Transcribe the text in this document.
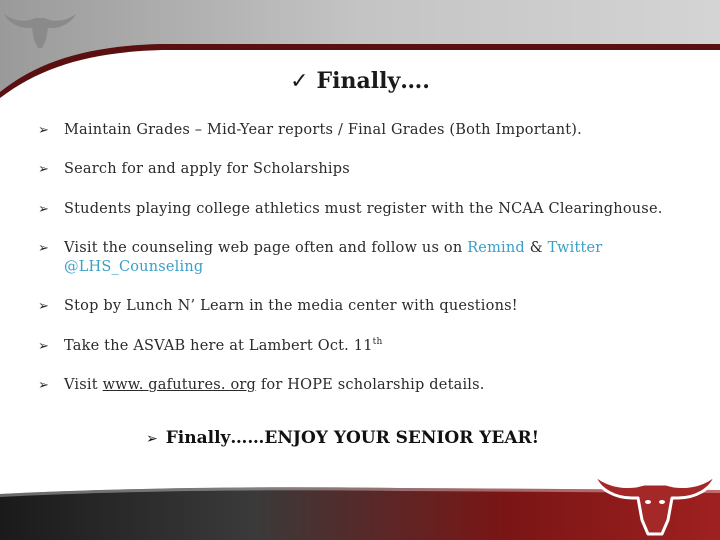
✓ Finally….
➢ Maintain Grades – Mid-Year reports / Final Grades (Both Important).
➢ Search for and apply for Scholarships
➢ Students playing college athletics must register with the NCAA Clearinghouse.
➢ Visit the counseling web page often and follow us on Remind & Twitter
@LHS_Counseling
➢ Stop by Lunch N’ Learn in the media center with questions!
➢ Take the ASVAB here at Lambert Oct. 11th
➢ Visit www. gafutures. org for HOPE scholarship details.
➢ Finally……ENJOY YOUR SENIOR YEAR!
